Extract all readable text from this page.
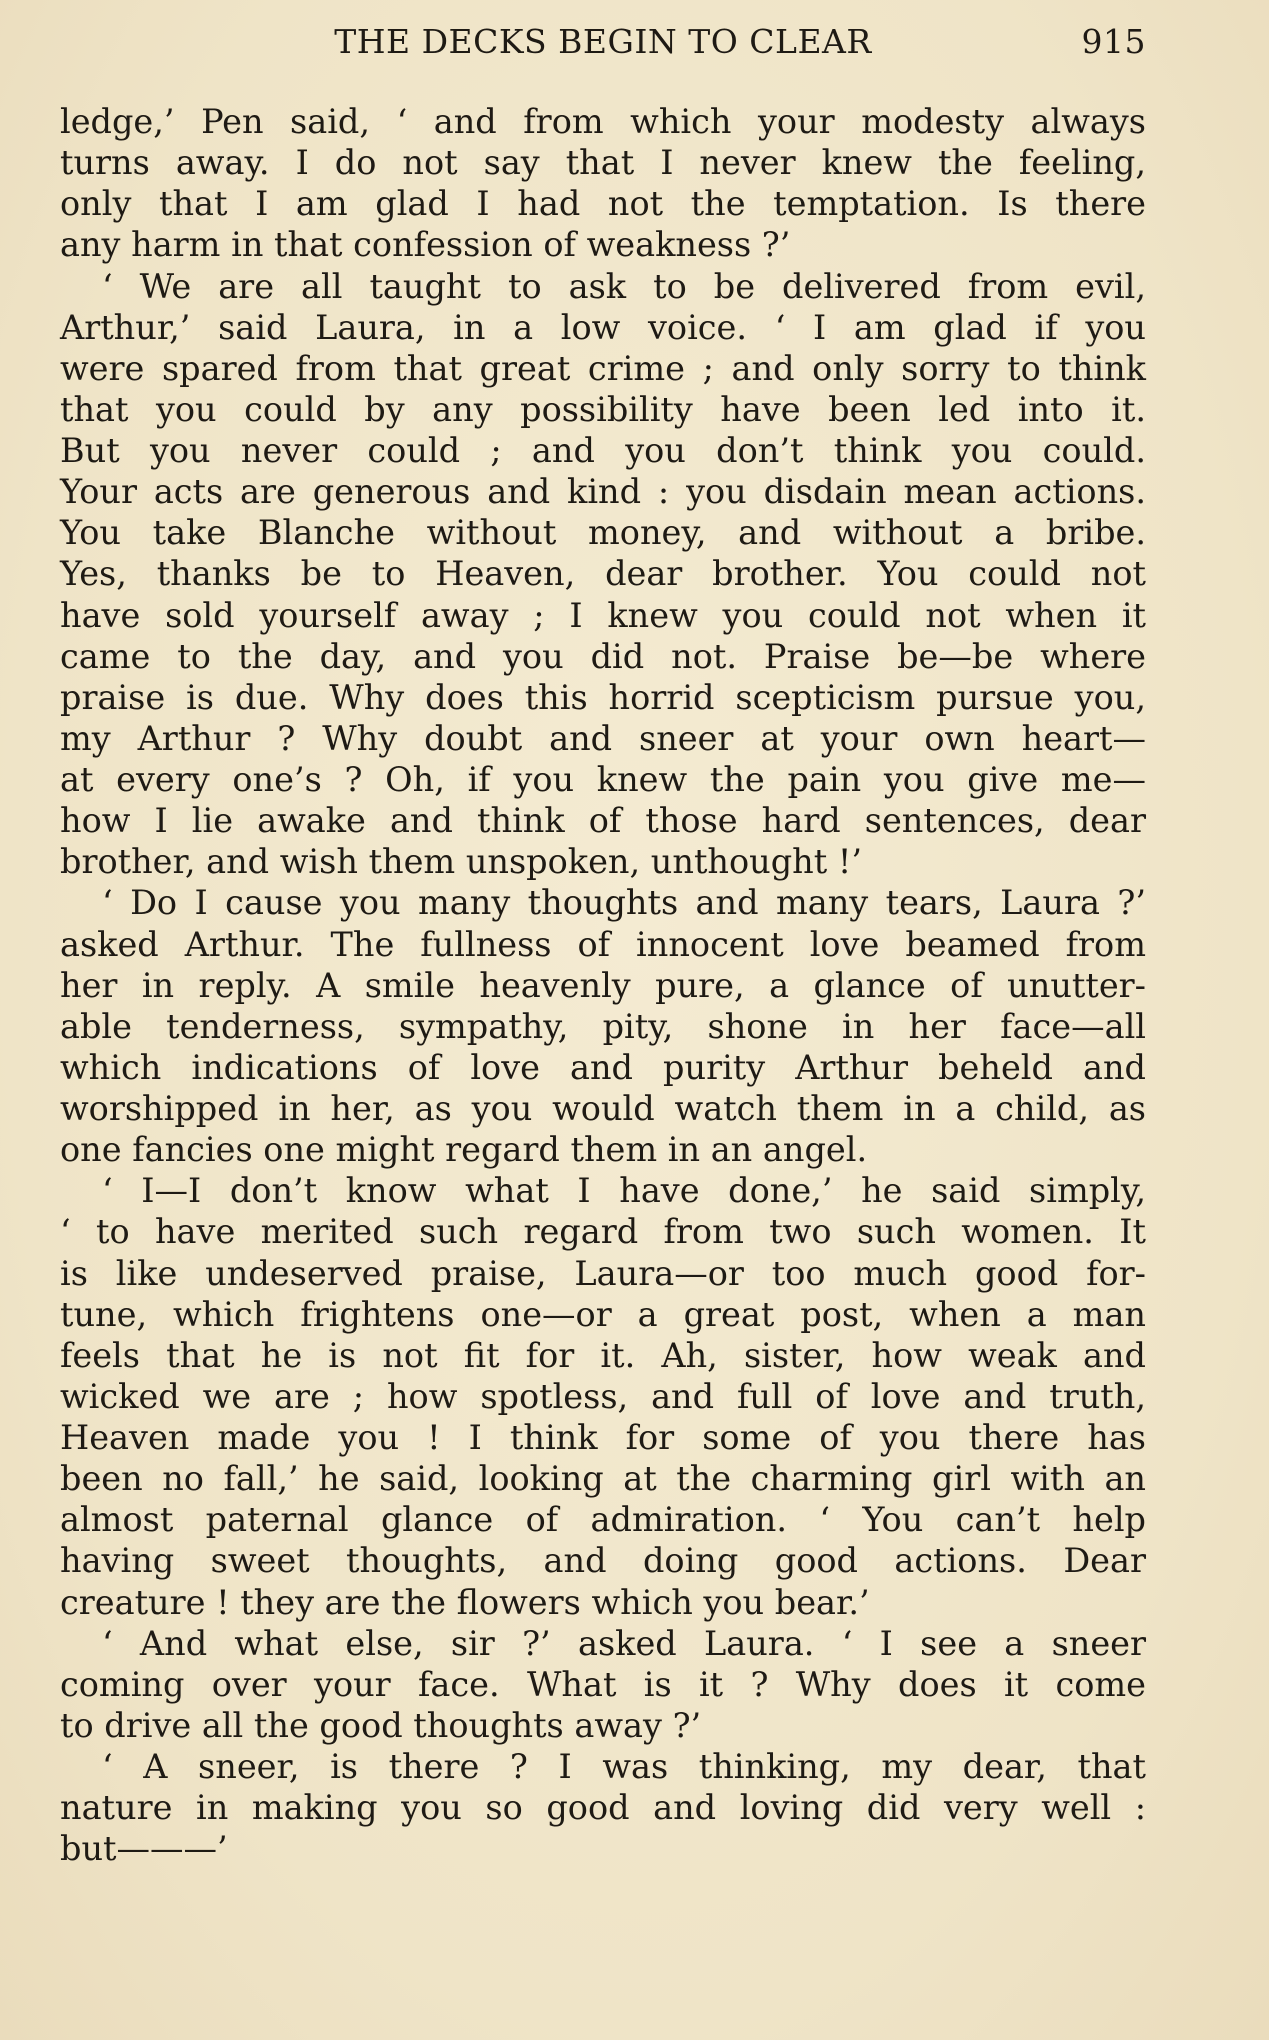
THE DECKS BEGIN TO CLEAR	915
ledge,’ Pen said, ‘ and from which your modesty always
turns away. I do not say that I never knew the feeling,
only that I am glad I had not the temptation. Is there
any harm in that confession of weakness ?’
‘ We are all taught to ask to be delivered from evil,
Arthur,’ said Laura, in a low voice. ‘ I am glad if you
were spared from that great crime ; and only sorry to think
that you could by any possibility have been led into it.
But you never could ; and you don’t think you could.
Your acts are generous and kind : you disdain mean actions.
You take Blanche without money, and without a bribe.
Yes, thanks be to Heaven, dear brother. You could not
have sold yourself away ; I knew you could not when it
came to the day, and you did not. Praise be—be where
praise is due. Why does this horrid scepticism pursue you,
my Arthur ? Why doubt and sneer at your own heart—
at every one’s ? Oh, if you knew the pain you give me—
how I lie awake and think of those hard sentences, dear
brother, and wish them unspoken, unthought !’
‘ Do I cause you many thoughts and many tears, Laura ?’
asked Arthur. The fullness of innocent love beamed from
her in reply. A smile heavenly pure, a glance of unutter-
able tenderness, sympathy, pity, shone in her face—all
which indications of love and purity Arthur beheld and
worshipped in her, as you would watch them in a child, as
one fancies one might regard them in an angel.
‘ I—I don’t know what I have done,’ he said simply,
‘ to have merited such regard from two such women. It
is like undeserved praise, Laura—or too much good for-
tune, which frightens one—or a great post, when a man
feels that he is not fit for it. Ah, sister, how weak and
wicked we are ; how spotless, and full of love and truth,
Heaven made you ! I think for some of you there has
been no fall,’ he said, looking at the charming girl with an
almost paternal glance of admiration. ‘ You can’t help
having sweet thoughts, and doing good actions. Dear
creature ! they are the flowers which you bear.’
‘ And what else, sir ?’ asked Laura. ‘ I see a sneer
coming over your face. What is it ? Why does it come
to drive all the good thoughts away ?’
‘ A sneer, is there ? I was thinking, my dear, that
nature in making you so good and loving did very well :
but———’
